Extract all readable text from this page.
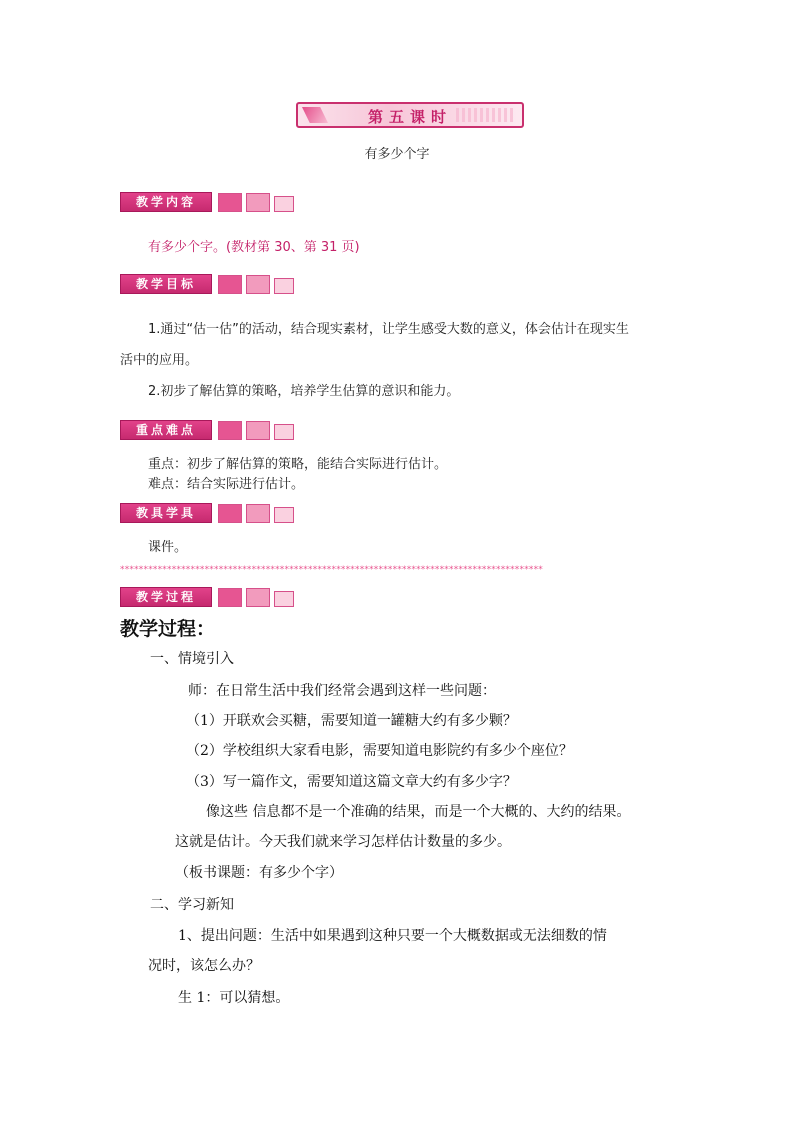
第五课时
有多少个字
教学内容
有多少个字。(教材第 30、第 31 页)
教学目标
1.通过“估一估”的活动，结合现实素材，让学生感受大数的意义，体会估计在现实生
活中的应用。
2.初步了解估算的策略，培养学生估算的意识和能力。
重点难点
重点：初步了解估算的策略，能结合实际进行估计。
难点：结合实际进行估计。
教具学具
课件。
******************************************************************************************
教学过程
教学过程：
一、情境引入
师：在日常生活中我们经常会遇到这样一些问题：
（1）开联欢会买糖，需要知道一罐糖大约有多少颗？
（2）学校组织大家看电影，需要知道电影院约有多少个座位？
（3）写一篇作文，需要知道这篇文章大约有多少字？
像这些 信息都不是一个准确的结果，而是一个大概的、大约的结果。
这就是估计。今天我们就来学习怎样估计数量的多少。
（板书课题：有多少个字）
二、学习新知
1、提出问题：生活中如果遇到这种只要一个大概数据或无法细数的情
况时，该怎么办？
生 1：可以猜想。
